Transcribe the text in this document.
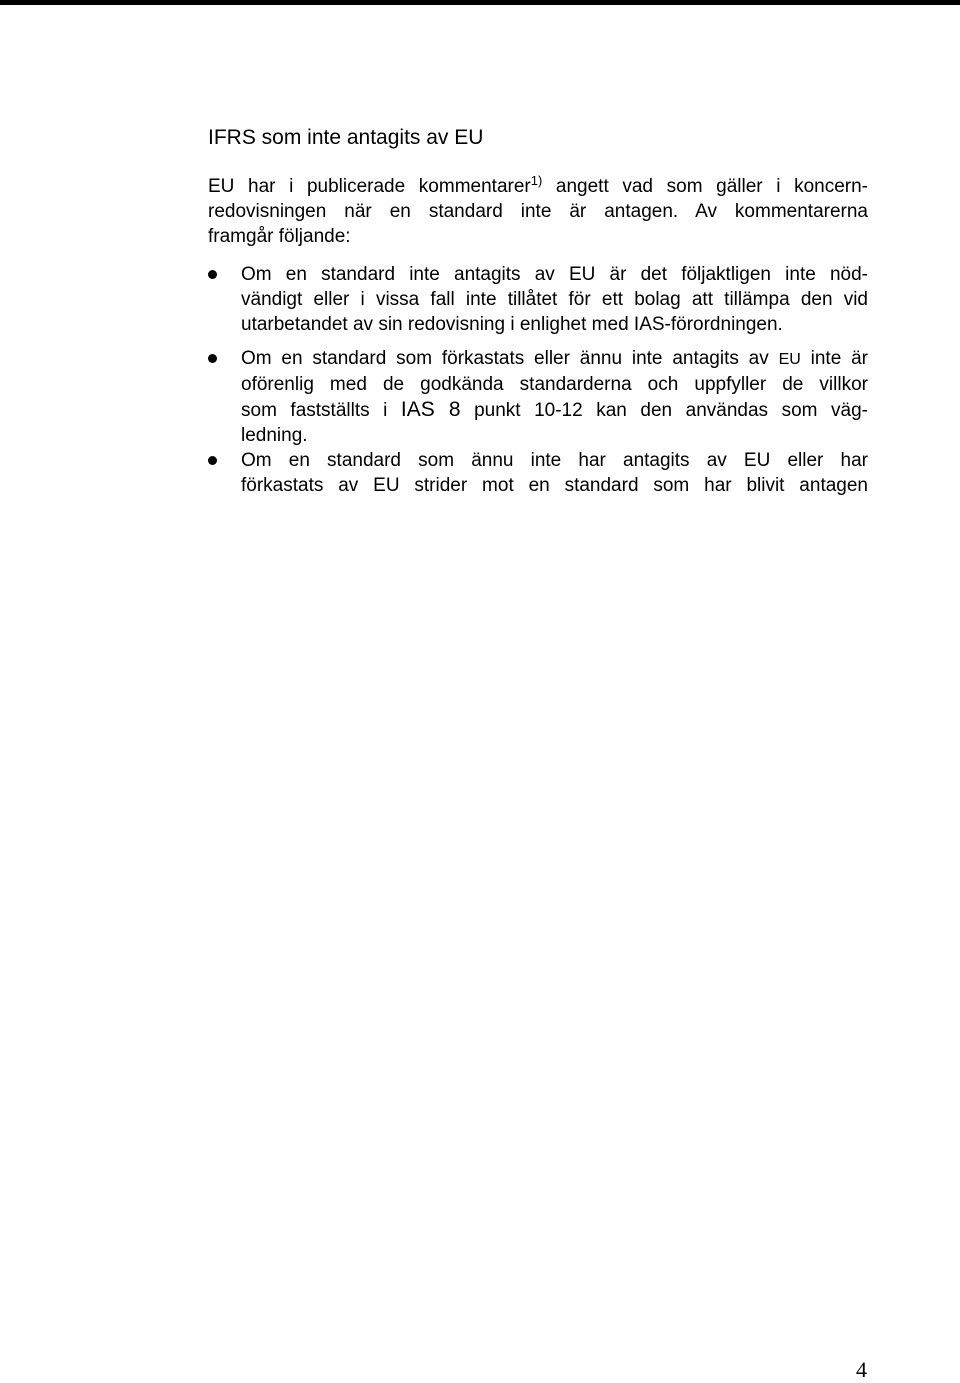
IFRS som inte antagits av EU

EU har i publicerade kommentarer$^{1)}$ angett vad som gäller i koncern-
redovisningen när en standard inte är antagen. Av kommentarerna
framgår följande:

Om en standard inte antagits av EU är det följaktligen inte nöd-
vändigt eller i vissa fall inte tillåtet för ett bolag att tillämpa den vid
utarbetandet av sin redovisning i enlighet med IAS-förordningen.
Om en standard som förkastats eller ännu inte antagits av EU inte är
oförenlig med de godkända standarderna och uppfyller de villkor
som fastställts i IAS 8 punkt 10-12 kan den användas som väg-
ledning.
Om en standard som ännu inte har antagits av EU eller har
förkastats av EU strider mot en standard som har blivit antagen
4
